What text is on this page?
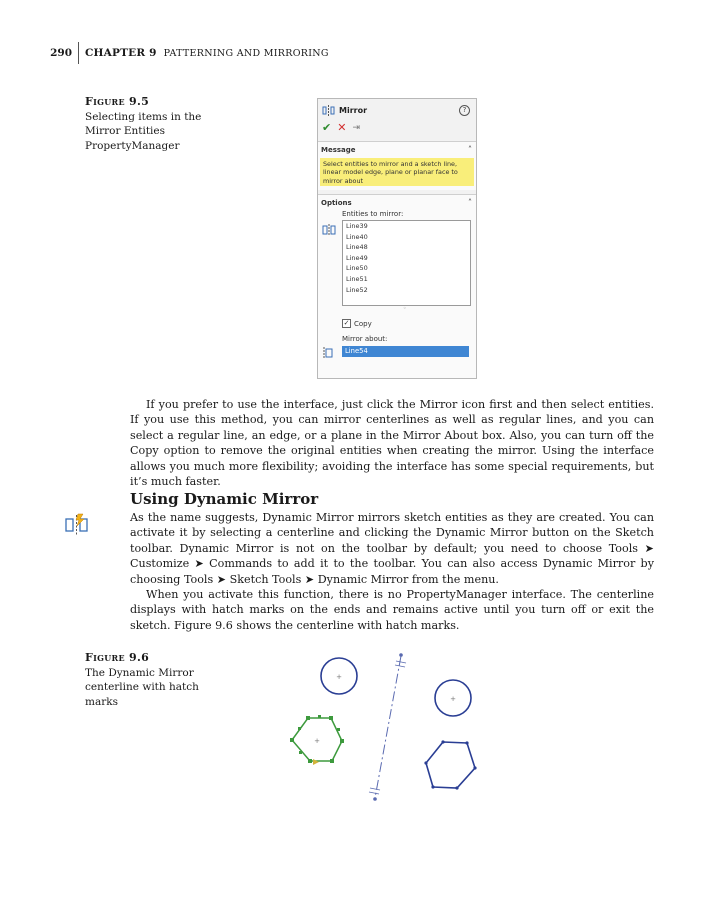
290	CHAPTER 9 PATTERNING AND MIRRORING
Figure 9.5
Selecting items in the Mirror Entities PropertyManager
Mirror	?
✔ ✕ ⇥
Message	˄
Select entities to mirror and a sketch line, linear model edge, plane or planar face to mirror about
Options	˄
Entities to mirror:
Line39
Line40
Line48
Line49
Line50
Line51
Line52
◦
✓ Copy
Mirror about:
Line54

If you prefer to use the interface, just click the Mirror icon first and then select entities. If you use this method, you can mirror centerlines as well as regular lines, and you can select a regular line, an edge, or a plane in the Mirror About box. Also, you can turn off the Copy option to remove the original entities when creating the mirror. Using the interface allows you much more flexibility; avoiding the interface has some special requirements, but it’s much faster.

Using Dynamic Mirror

As the name suggests, Dynamic Mirror mirrors sketch entities as they are created. You can activate it by selecting a centerline and clicking the Dynamic Mirror button on the Sketch toolbar. Dynamic Mirror is not on the toolbar by default; you need to choose Tools ➤ Customize ➤ Commands to add it to the toolbar. You can also access Dynamic Mirror by choosing Tools ➤ Sketch Tools ➤ Dynamic Mirror from the menu.

When you activate this function, there is no PropertyManager interface. The centerline displays with hatch marks on the ends and remains active until you turn off or exit the sketch. Figure 9.6 shows the centerline with hatch marks.

Figure 9.6
The Dynamic Mirror centerline with hatch marks
+
+
+
